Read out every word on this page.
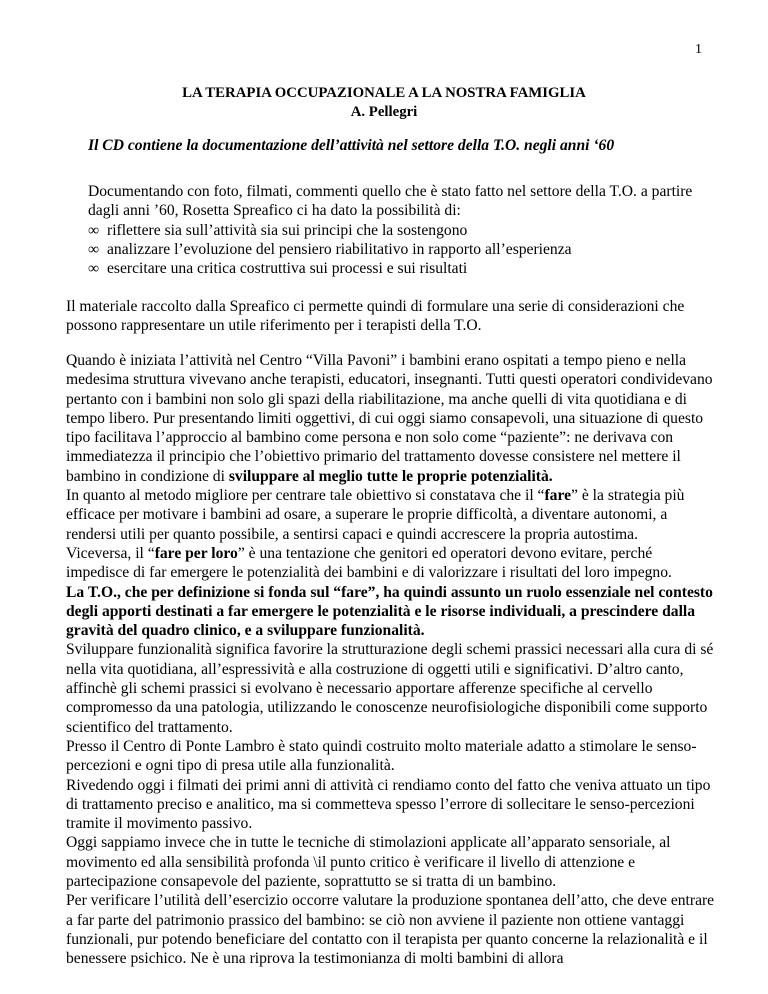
1
LA TERAPIA OCCUPAZIONALE A LA NOSTRA FAMIGLIA
A. Pellegri
Il CD contiene la documentazione dell’attività nel settore della T.O. negli anni ‘60
Documentando con foto, filmati, commenti quello che è stato fatto nel settore della T.O. a partire dagli anni ’60, Rosetta Spreafico ci ha dato la possibilità di:
∞ riflettere sia sull’attività sia sui principi che la sostengono
∞ analizzare l’evoluzione del pensiero riabilitativo in rapporto all’esperienza
∞ esercitare una critica costruttiva sui processi e sui risultati
Il materiale raccolto dalla Spreafico ci permette quindi di formulare una serie di considerazioni che possono rappresentare un utile riferimento per i terapisti della T.O.

Quando è iniziata l’attività nel Centro “Villa Pavoni” i bambini erano ospitati a tempo pieno e nella medesima struttura vivevano anche terapisti, educatori, insegnanti. Tutti questi operatori condividevano pertanto con i bambini non solo gli spazi della riabilitazione, ma anche quelli di vita quotidiana e di tempo libero. Pur presentando limiti oggettivi, di cui oggi siamo consapevoli, una situazione di questo tipo facilitava l’approccio al bambino come persona e non solo come “paziente”: ne derivava con immediatezza il principio che l’obiettivo primario del trattamento dovesse consistere nel mettere il bambino in condizione di sviluppare al meglio tutte le proprie potenzialità.

In quanto al metodo migliore per centrare tale obiettivo si constatava che il “fare” è la strategia più efficace per motivare i bambini ad osare, a superare le proprie difficoltà, a diventare autonomi, a rendersi utili per quanto possibile, a sentirsi capaci e quindi accrescere la propria autostima.

Viceversa, il “fare per loro” è una tentazione che genitori ed operatori devono evitare, perché impedisce di far emergere le potenzialità dei bambini e di valorizzare i risultati del loro impegno.

La T.O., che per definizione si fonda sul “fare”, ha quindi assunto un ruolo essenziale nel contesto degli apporti destinati a far emergere le potenzialità e le risorse individuali, a prescindere dalla gravità del quadro clinico, e a sviluppare funzionalità.

Sviluppare funzionalità significa favorire la strutturazione degli schemi prassici necessari alla cura di sé nella vita quotidiana, all’espressività e alla costruzione di oggetti utili e significativi. D’altro canto, affinchè gli schemi prassici si evolvano è necessario apportare afferenze specifiche al cervello compromesso da una patologia, utilizzando le conoscenze neurofisiologiche disponibili come supporto scientifico del trattamento.

Presso il Centro di Ponte Lambro è stato quindi costruito molto materiale adatto a stimolare le senso-percezioni e ogni tipo di presa utile alla funzionalità.

Rivedendo oggi i filmati dei primi anni di attività ci rendiamo conto del fatto che veniva attuato un tipo di trattamento preciso e analitico, ma si commetteva spesso l’errore di sollecitare le senso-percezioni tramite il movimento passivo.

Oggi sappiamo invece che in tutte le tecniche di stimolazioni applicate all’apparato sensoriale, al movimento ed alla sensibilità profonda \il punto critico è verificare il livello di attenzione e partecipazione consapevole del paziente, soprattutto se si tratta di un bambino.

Per verificare l’utilità dell’esercizio occorre valutare la produzione spontanea dell’atto, che deve entrare a far parte del patrimonio prassico del bambino: se ciò non avviene il paziente non ottiene vantaggi funzionali, pur potendo beneficiare del contatto con il terapista per quanto concerne la relazionalità e il benessere psichico. Ne è una riprova la testimonianza di molti bambini di allora
